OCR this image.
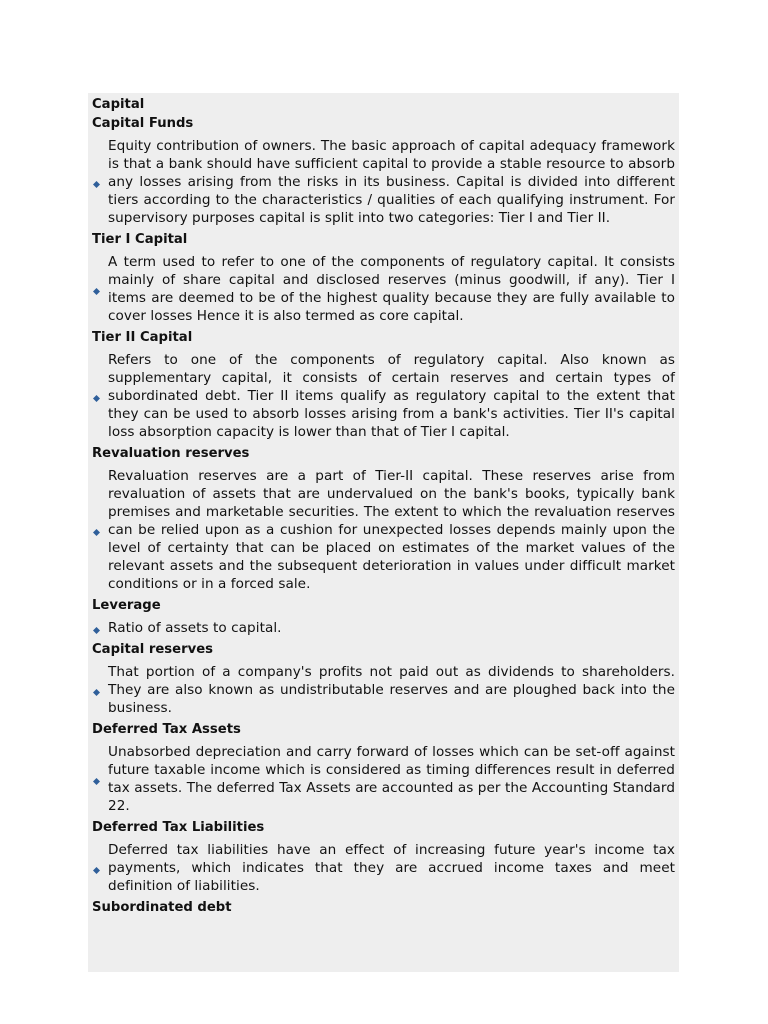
Capital
Capital Funds

Equity contribution of owners. The basic approach of capital adequacy framework is that a bank should have sufficient capital to provide a stable resource to absorb any losses arising from the risks in its business. Capital is divided into different tiers according to the characteristics / qualities of each qualifying instrument. For supervisory purposes capital is split into two categories: Tier I and Tier II.

Tier I Capital

A term used to refer to one of the components of regulatory capital. It consists mainly of share capital and disclosed reserves (minus goodwill, if any). Tier I items are deemed to be of the highest quality because they are fully available to cover losses Hence it is also termed as core capital.

Tier II Capital

Refers to one of the components of regulatory capital. Also known as supplementary capital, it consists of certain reserves and certain types of subordinated debt. Tier II items qualify as regulatory capital to the extent that they can be used to absorb losses arising from a bank's activities. Tier II's capital loss absorption capacity is lower than that of Tier I capital.

Revaluation reserves

Revaluation reserves are a part of Tier-II capital. These reserves arise from revaluation of assets that are undervalued on the bank's books, typically bank premises and marketable securities. The extent to which the revaluation reserves can be relied upon as a cushion for unexpected losses depends mainly upon the level of certainty that can be placed on estimates of the market values of the relevant assets and the subsequent deterioration in values under difficult market conditions or in a forced sale.

Leverage

Ratio of assets to capital.

Capital reserves

That portion of a company's profits not paid out as dividends to shareholders. They are also known as undistributable reserves and are ploughed back into the business.

Deferred Tax Assets

Unabsorbed depreciation and carry forward of losses which can be set-off against future taxable income which is considered as timing differences result in deferred tax assets. The deferred Tax Assets are accounted as per the Accounting Standard 22.

Deferred Tax Liabilities

Deferred tax liabilities have an effect of increasing future year's income tax payments, which indicates that they are accrued income taxes and meet definition of liabilities.

Subordinated debt
